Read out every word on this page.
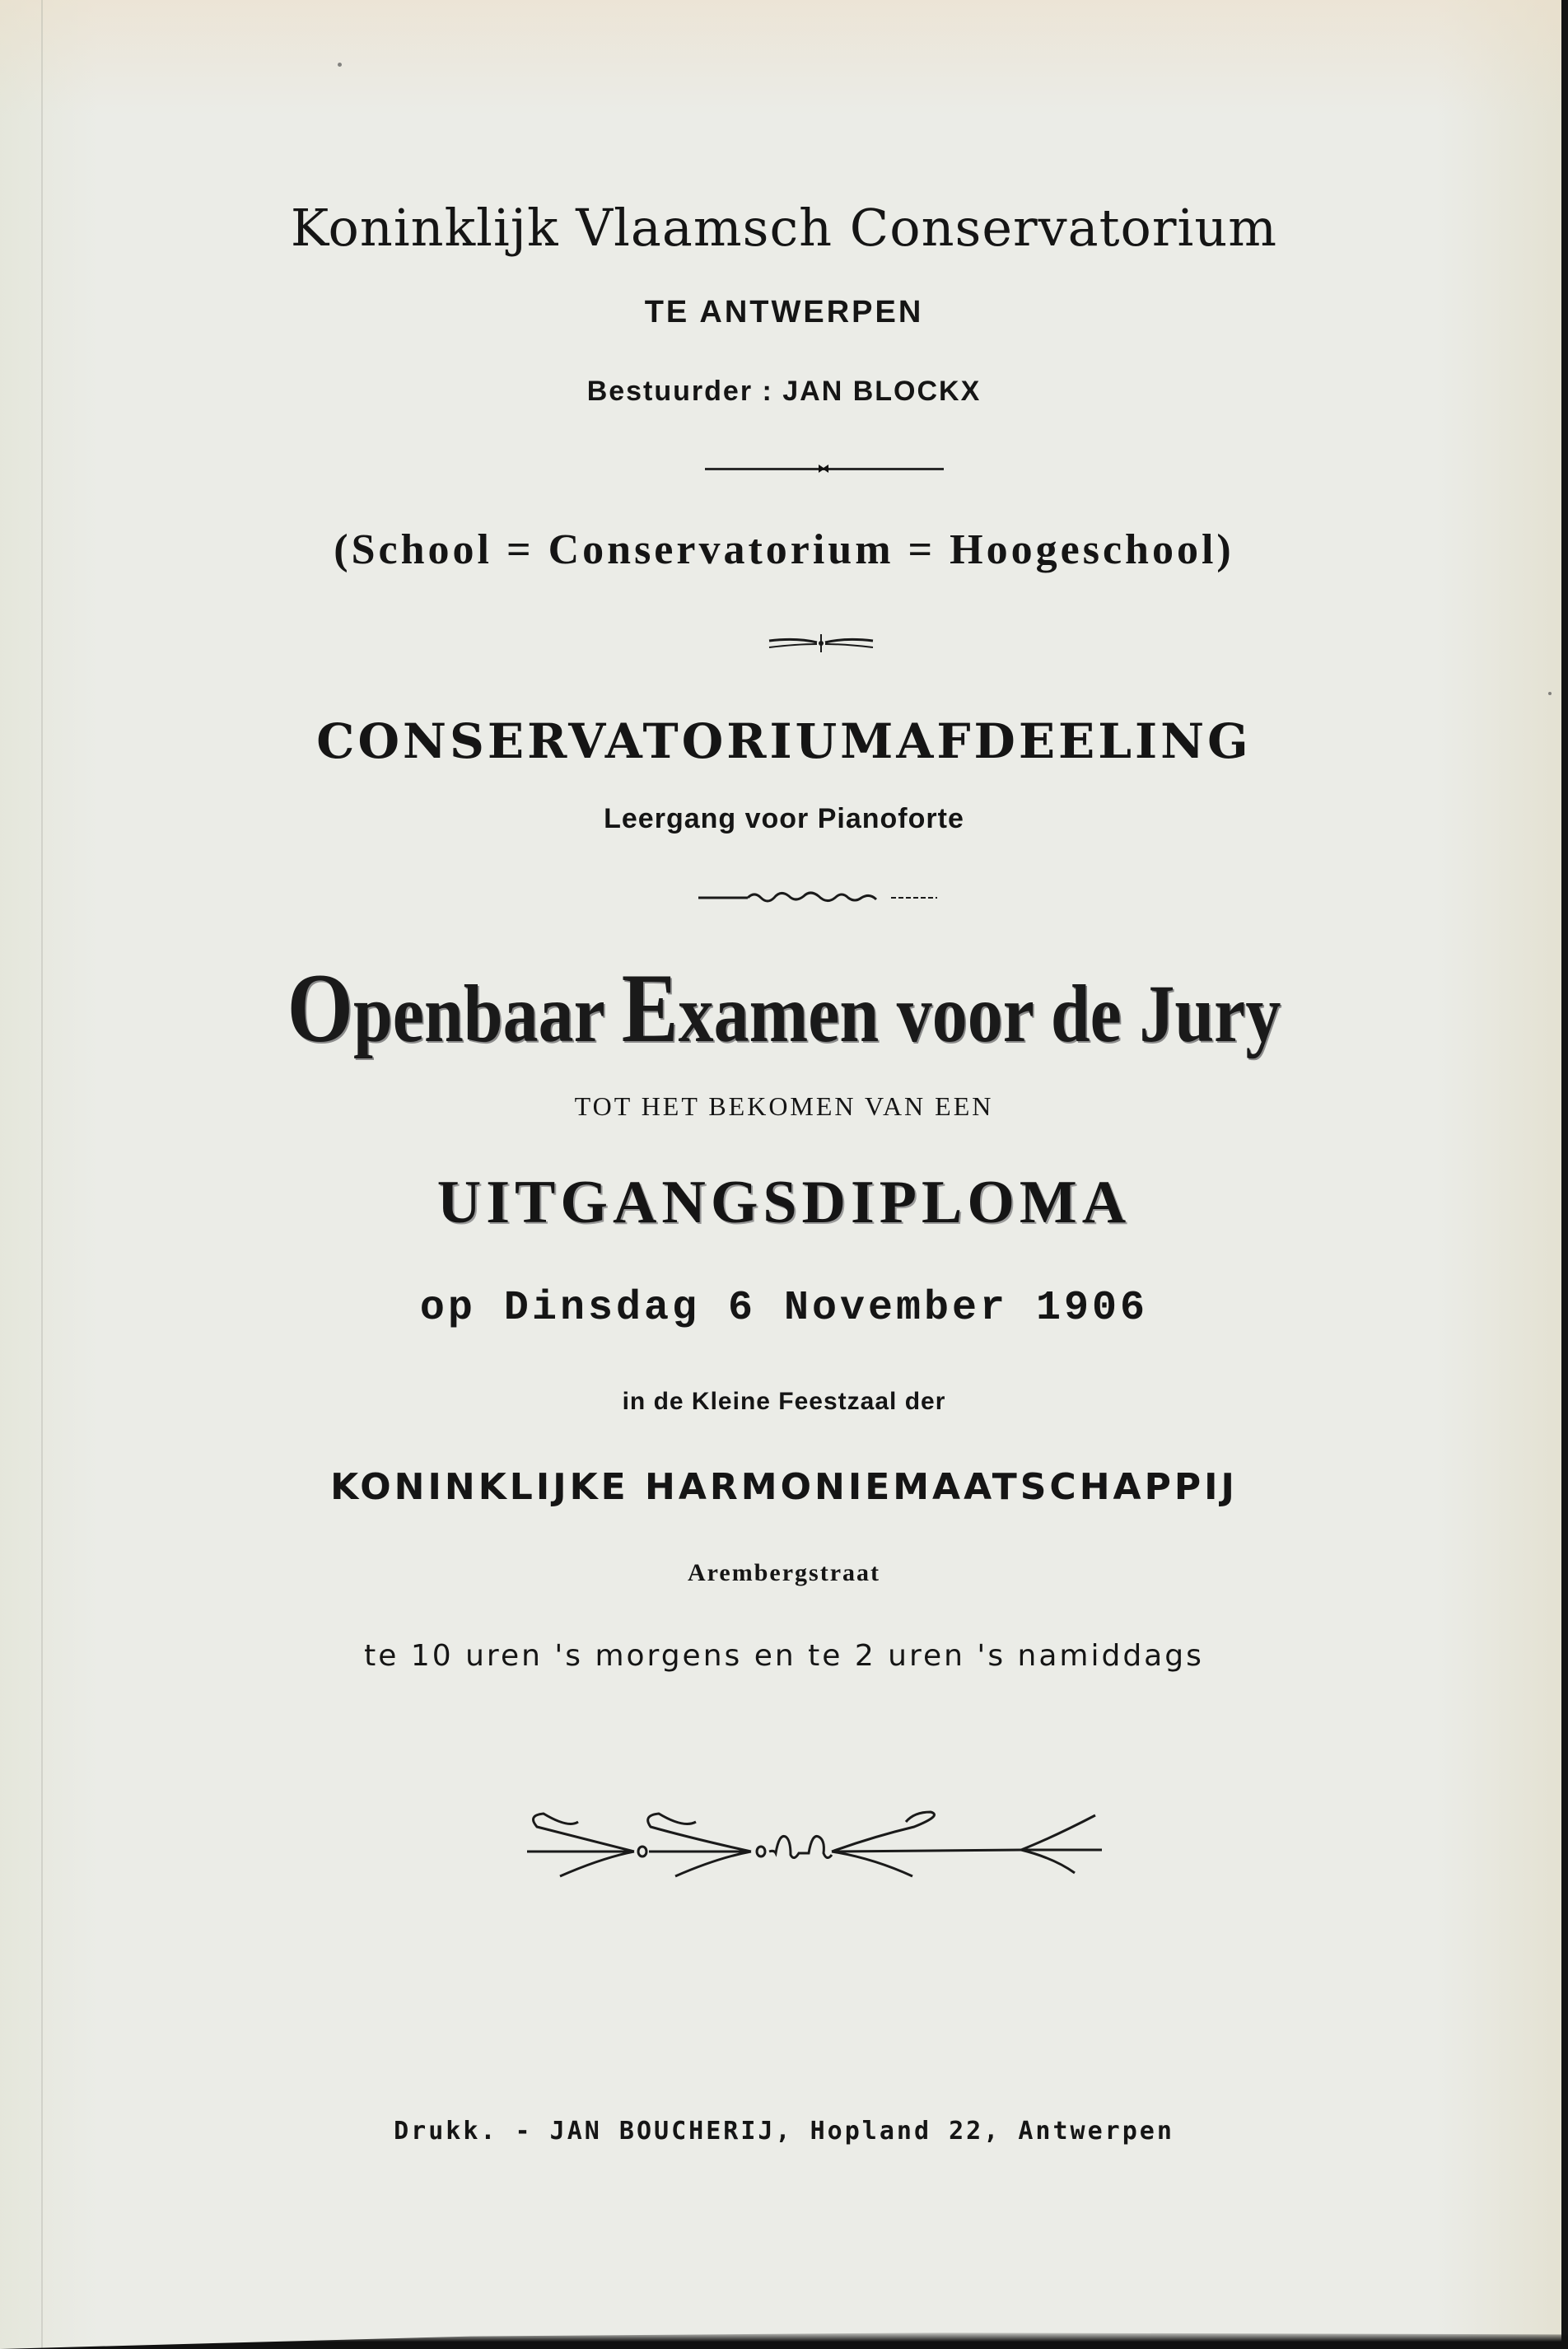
Koninklijk Vlaamsch Conservatorium

TE ANTWERPEN

Bestuurder : JAN BLOCKX

(School = Conservatorium = Hoogeschool)

CONSERVATORIUMAFDEELING

Leergang voor Pianoforte

Openbaar Examen voor de Jury

TOT HET BEKOMEN VAN EEN

UITGANGSDIPLOMA

op Dinsdag 6 November 1906

in de Kleine Feestzaal der

KONINKLIJKE HARMONIEMAATSCHAPPIJ

Arembergstraat

te 10 uren 's morgens en te 2 uren 's namiddags

Drukk. - JAN BOUCHERIJ, Hopland 22, Antwerpen
